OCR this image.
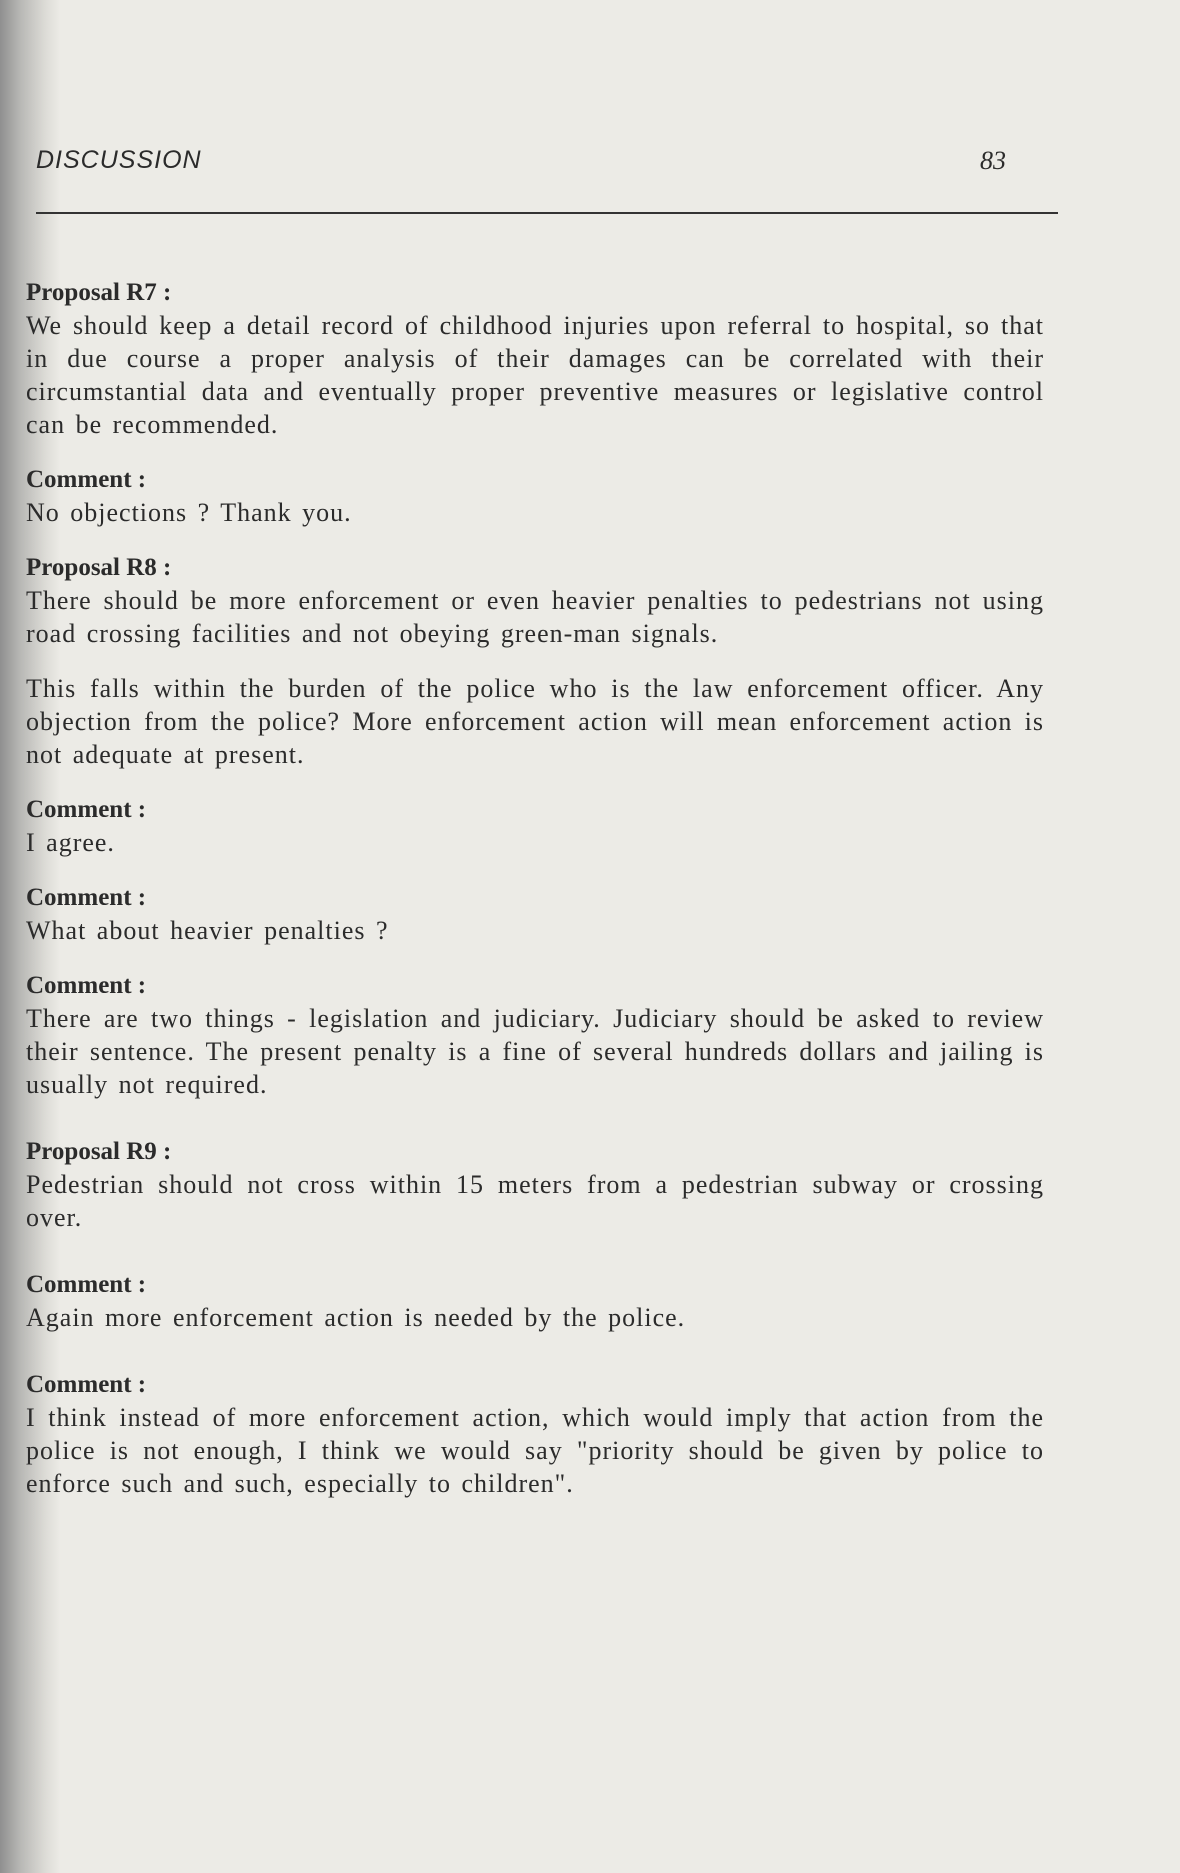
DISCUSSION	83

Proposal R7 :

We should keep a detail record of childhood injuries upon referral to hospital, so that in due course a proper analysis of their damages can be correlated with their circumstantial data and eventually proper preventive measures or legislative control can be recommended.

Comment :

No objections ? Thank you.

Proposal R8 :

There should be more enforcement or even heavier penalties to pedestrians not using road crossing facilities and not obeying green-man signals.

This falls within the burden of the police who is the law enforcement officer. Any objection from the police? More enforcement action will mean enforcement action is not adequate at present.

Comment :

I agree.

Comment :

What about heavier penalties ?

Comment :

There are two things - legislation and judiciary. Judiciary should be asked to review their sentence. The present penalty is a fine of several hundreds dollars and jailing is usually not required.

Proposal R9 :

Pedestrian should not cross within 15 meters from a pedestrian subway or crossing over.

Comment :

Again more enforcement action is needed by the police.

Comment :

I think instead of more enforcement action, which would imply that action from the police is not enough, I think we would say "priority should be given by police to enforce such and such, especially to children".
